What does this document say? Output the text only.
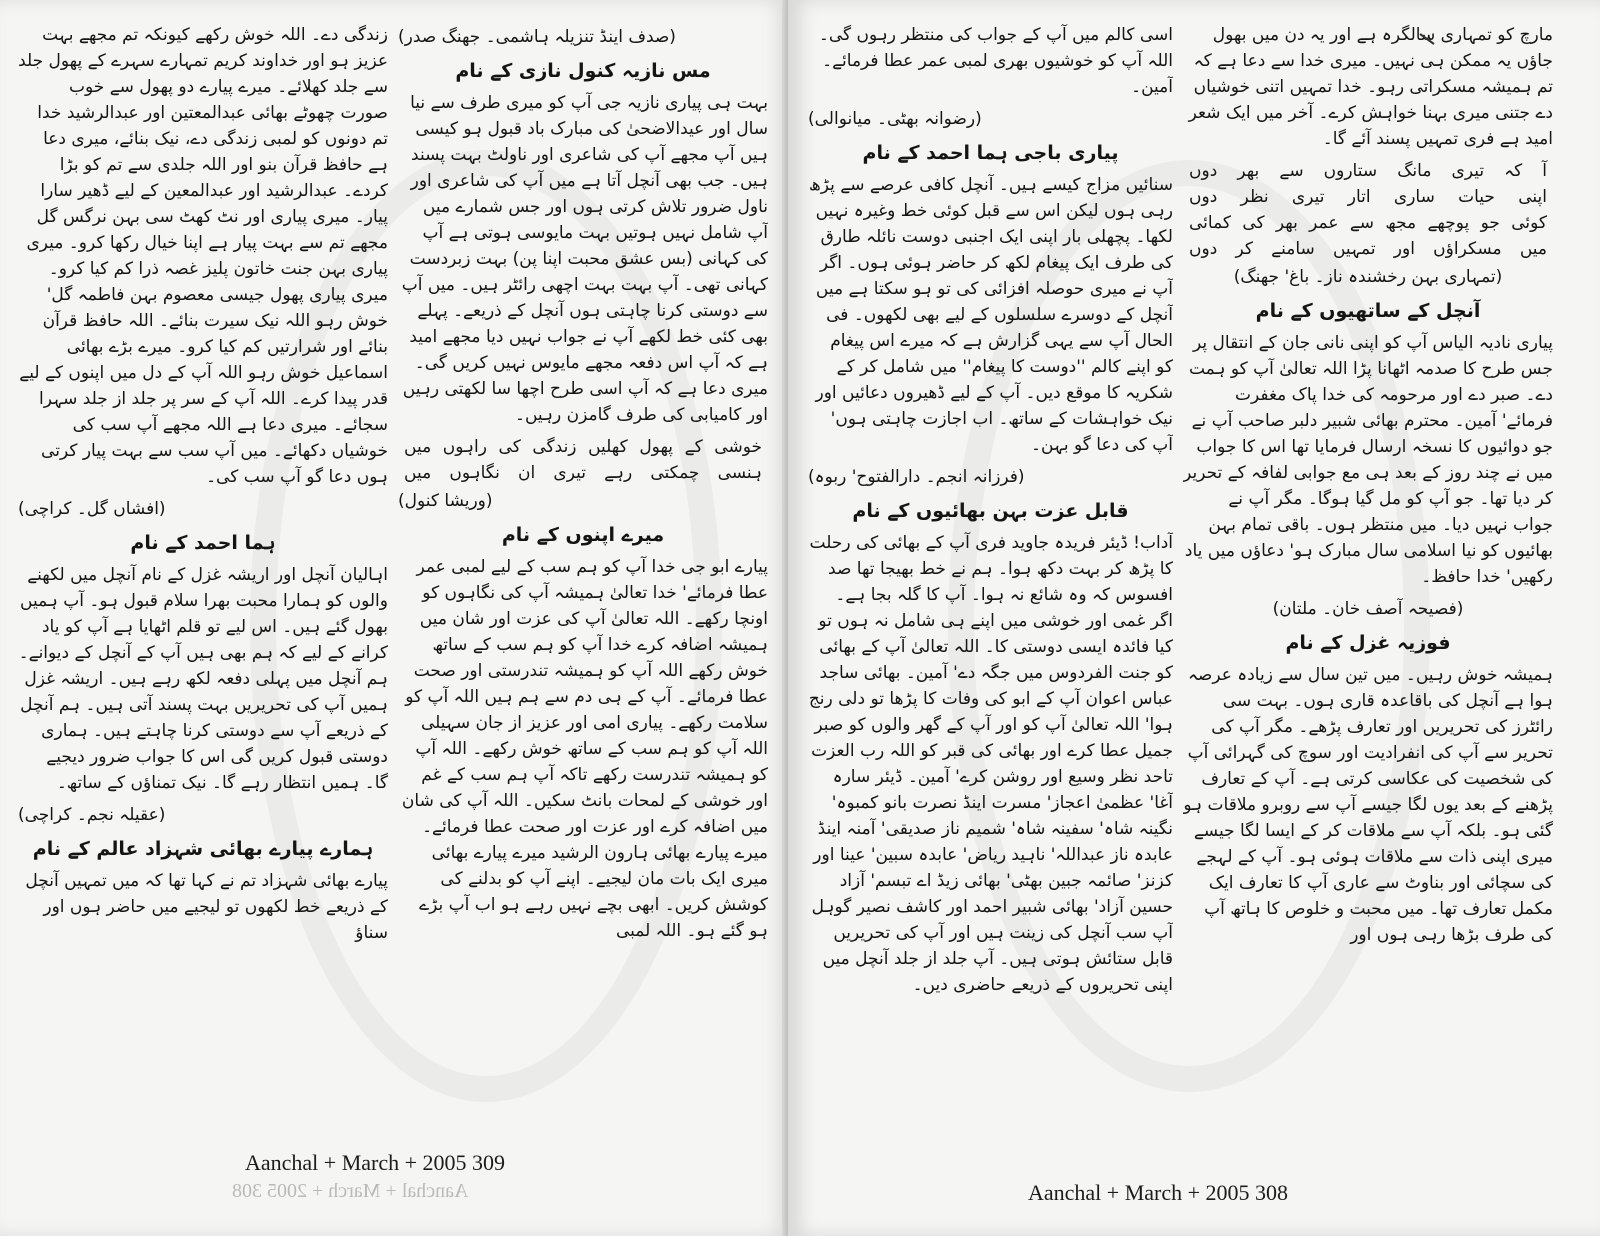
زندگی دے۔ اللہ خوش رکھے کیونکہ تم مجھے بہت عزیز ہو اور خداوند کریم تمہارے سہرے کے پھول جلد سے جلد کھلائے۔ میرے پیارے دو پھول سے خوب صورت چھوٹے بھائی عبدالمعتین اور عبدالرشید خدا تم دونوں کو لمبی زندگی دے، نیک بنائے، میری دعا ہے حافظ قرآن بنو اور اللہ جلدی سے تم کو بڑا کردے۔ عبدالرشید اور عبدالمعین کے لیے ڈھیر سارا پیار۔ میری پیاری اور نٹ کھٹ سی بہن نرگس گل مجھے تم سے بہت پیار ہے اپنا خیال رکھا کرو۔ میری پیاری بہن جنت خاتون پلیز غصہ ذرا کم کیا کرو۔ میری پیاری پھول جیسی معصوم بہن فاطمہ گل' خوش رہو اللہ نیک سیرت بنائے۔ اللہ حافظ قرآن بنائے اور شرارتیں کم کیا کرو۔ میرے بڑے بھائی اسماعیل خوش رہو اللہ آپ کے دل میں اپنوں کے لیے قدر پیدا کرے۔ اللہ آپ کے سر پر جلد از جلد سہرا سجائے۔ میری دعا ہے اللہ مجھے آپ سب کی خوشیاں دکھائے۔ میں آپ سب سے بہت پیار کرتی ہوں دعا گو آپ سب کی۔

(افشاں گل۔ کراچی)

ہما احمد کے نام

اہالیان آنچل اور اریشہ غزل کے نام آنچل میں لکھنے والوں کو ہمارا محبت بھرا سلام قبول ہو۔ آپ ہمیں بھول گئے ہیں۔ اس لیے تو قلم اٹھایا ہے آپ کو یاد کرانے کے لیے کہ ہم بھی ہیں آپ کے آنچل کے دیوانے۔ ہم آنچل میں پہلی دفعہ لکھ رہے ہیں۔ اریشہ غزل ہمیں آپ کی تحریریں بہت پسند آتی ہیں۔ ہم آنچل کے ذریعے آپ سے دوستی کرنا چاہتے ہیں۔ ہماری دوستی قبول کریں گی اس کا جواب ضرور دیجیے گا۔ ہمیں انتظار رہے گا۔ نیک تمناؤں کے ساتھ۔

(عقیلہ نجم۔ کراچی)

ہمارے پیارے بھائی شہزاد عالم کے نام

پیارے بھائی شہزاد تم نے کہا تھا کہ میں تمہیں آنچل کے ذریعے خط لکھوں تو لیجیے میں حاضر ہوں اور سناؤ

(صدف اینڈ تنزیلہ ہاشمی۔ جھنگ صدر)

مس نازیہ کنول نازی کے نام

بہت ہی پیاری نازیہ جی آپ کو میری طرف سے نیا سال اور عیدالاضحیٰ کی مبارک باد قبول ہو کیسی ہیں آپ مجھے آپ کی شاعری اور ناولٹ بہت پسند ہیں۔ جب بھی آنچل آتا ہے میں آپ کی شاعری اور ناول ضرور تلاش کرتی ہوں اور جس شمارے میں آپ شامل نہیں ہوتیں بہت مایوسی ہوتی ہے آپ کی کہانی (بس عشق محبت اپنا پن) بہت زبردست کہانی تھی۔ آپ بہت بہت اچھی رائٹر ہیں۔ میں آپ سے دوستی کرنا چاہتی ہوں آنچل کے ذریعے۔ پہلے بھی کئی خط لکھے آپ نے جواب نہیں دیا مجھے امید ہے کہ آپ اس دفعہ مجھے مایوس نہیں کریں گی۔ میری دعا ہے کہ آپ اسی طرح اچھا سا لکھتی رہیں اور کامیابی کی طرف گامزن رہیں۔

خوشی کے پھول کھلیں زندگی کی راہوں میں

ہنسی چمکتی رہے تیری ان نگاہوں میں

(وریشا کنول)

میرے اپنوں کے نام

پیارے ابو جی خدا آپ کو ہم سب کے لیے لمبی عمر عطا فرمائے' خدا تعالیٰ ہمیشہ آپ کی نگاہوں کو اونچا رکھے۔ اللہ تعالیٰ آپ کی عزت اور شان میں ہمیشہ اضافہ کرے خدا آپ کو ہم سب کے ساتھ خوش رکھے اللہ آپ کو ہمیشہ تندرستی اور صحت عطا فرمائے۔ آپ کے ہی دم سے ہم ہیں اللہ آپ کو سلامت رکھے۔ پیاری امی اور عزیز از جان سہیلی اللہ آپ کو ہم سب کے ساتھ خوش رکھے۔ اللہ آپ کو ہمیشہ تندرست رکھے تاکہ آپ ہم سب کے غم اور خوشی کے لمحات بانٹ سکیں۔ اللہ آپ کی شان میں اضافہ کرے اور عزت اور صحت عطا فرمائے۔ میرے پیارے بھائی ہارون الرشید میرے پیارے بھائی میری ایک بات مان لیجیے۔ اپنے آپ کو بدلنے کی کوشش کریں۔ ابھی بچے نہیں رہے ہو اب آپ بڑے ہو گئے ہو۔ اللہ لمبی

Aanchal + March + 2005 309
Aanchal + March + 2005 308

اسی کالم میں آپ کے جواب کی منتظر رہوں گی۔ اللہ آپ کو خوشیوں بھری لمبی عمر عطا فرمائے۔ آمین۔

(رضوانہ بھٹی۔ میانوالی)

پیاری باجی ہما احمد کے نام

سنائیں مزاج کیسے ہیں۔ آنچل کافی عرصے سے پڑھ رہی ہوں لیکن اس سے قبل کوئی خط وغیرہ نہیں لکھا۔ پچھلی بار اپنی ایک اجنبی دوست نائلہ طارق کی طرف ایک پیغام لکھ کر حاضر ہوئی ہوں۔ اگر آپ نے میری حوصلہ افزائی کی تو ہو سکتا ہے میں آنچل کے دوسرے سلسلوں کے لیے بھی لکھوں۔ فی الحال آپ سے یہی گزارش ہے کہ میرے اس پیغام کو اپنے کالم ''دوست کا پیغام'' میں شامل کر کے شکریہ کا موقع دیں۔ آپ کے لیے ڈھیروں دعائیں اور نیک خواہشات کے ساتھ۔ اب اجازت چاہتی ہوں' آپ کی دعا گو بہن۔

(فرزانہ انجم۔ دارالفتوح' ربوہ)

قابل عزت بہن بھائیوں کے نام

آداب! ڈیئر فریدہ جاوید فری آپ کے بھائی کی رحلت کا پڑھ کر بہت دکھ ہوا۔ ہم نے خط بھیجا تھا صد افسوس کہ وہ شائع نہ ہوا۔ آپ کا گلہ بجا ہے۔ اگر غمی اور خوشی میں اپنے ہی شامل نہ ہوں تو کیا فائدہ ایسی دوستی کا۔ اللہ تعالیٰ آپ کے بھائی کو جنت الفردوس میں جگہ دے' آمین۔ بھائی ساجد عباس اعوان آپ کے ابو کی وفات کا پڑھا تو دلی رنج ہوا' اللہ تعالیٰ آپ کو اور آپ کے گھر والوں کو صبر جمیل عطا کرے اور بھائی کی قبر کو اللہ رب العزت تاحد نظر وسیع اور روشن کرے' آمین۔ ڈیئر سارہ آغا' عظمیٰ اعجاز' مسرت اینڈ نصرت بانو کمبوہ' نگینہ شاہ' سفینہ شاہ' شمیم ناز صدیقی' آمنہ اینڈ عابدہ ناز عبداللہ' ناہید ریاض' عابدہ سبین' عینا اور کزنز' صائمہ جبین بھٹی' بھائی زیڈ اے تبسم' آزاد حسین آزاد' بھائی شبیر احمد اور کاشف نصیر گوہل آپ سب آنچل کی زینت ہیں اور آپ کی تحریریں قابل ستائش ہوتی ہیں۔ آپ جلد از جلد آنچل میں اپنی تحریروں کے ذریعے حاضری دیں۔

مارچ کو تمہاری سالگرہ ہے اور یہ دن میں بھول جاؤں یہ ممکن ہی نہیں۔ میری خدا سے دعا ہے کہ تم ہمیشہ مسکراتی رہو۔ خدا تمہیں اتنی خوشیاں دے جتنی میری بہنا خواہش کرے۔ آخر میں ایک شعر امید ہے فری تمہیں پسند آئے گا۔

آ کہ تیری مانگ ستاروں سے بھر دوں

اپنی حیات ساری اتار تیری نظر دوں

کوئی جو پوچھے مجھ سے عمر بھر کی کمائی

میں مسکراؤں اور تمہیں سامنے کر دوں

(تمہاری بہن رخشندہ ناز۔ باغ' جھنگ)

آنچل کے ساتھیوں کے نام

پیاری نادیہ الیاس آپ کو اپنی نانی جان کے انتقال پر جس طرح کا صدمہ اٹھانا پڑا اللہ تعالیٰ آپ کو ہمت دے۔ صبر دے اور مرحومہ کی خدا پاک مغفرت فرمائے' آمین۔ محترم بھائی شبیر دلبر صاحب آپ نے جو دوائیوں کا نسخہ ارسال فرمایا تھا اس کا جواب میں نے چند روز کے بعد ہی مع جوابی لفافہ کے تحریر کر دیا تھا۔ جو آپ کو مل گیا ہوگا۔ مگر آپ نے جواب نہیں دیا۔ میں منتظر ہوں۔ باقی تمام بہن بھائیوں کو نیا اسلامی سال مبارک ہو' دعاؤں میں یاد رکھیں' خدا حافظ۔

(فصیحہ آصف خان۔ ملتان)

فوزیہ غزل کے نام

ہمیشہ خوش رہیں۔ میں تین سال سے زیادہ عرصہ ہوا ہے آنچل کی باقاعدہ قاری ہوں۔ بہت سی رائٹرز کی تحریریں اور تعارف پڑھے۔ مگر آپ کی تحریر سے آپ کی انفرادیت اور سوچ کی گہرائی آپ کی شخصیت کی عکاسی کرتی ہے۔ آپ کے تعارف پڑھنے کے بعد یوں لگا جیسے آپ سے روبرو ملاقات ہو گئی ہو۔ بلکہ آپ سے ملاقات کر کے ایسا لگا جیسے میری اپنی ذات سے ملاقات ہوئی ہو۔ آپ کے لہجے کی سچائی اور بناوٹ سے عاری آپ کا تعارف ایک مکمل تعارف تھا۔ میں محبت و خلوص کا ہاتھ آپ کی طرف بڑھا رہی ہوں اور

Aanchal + March + 2005 308
